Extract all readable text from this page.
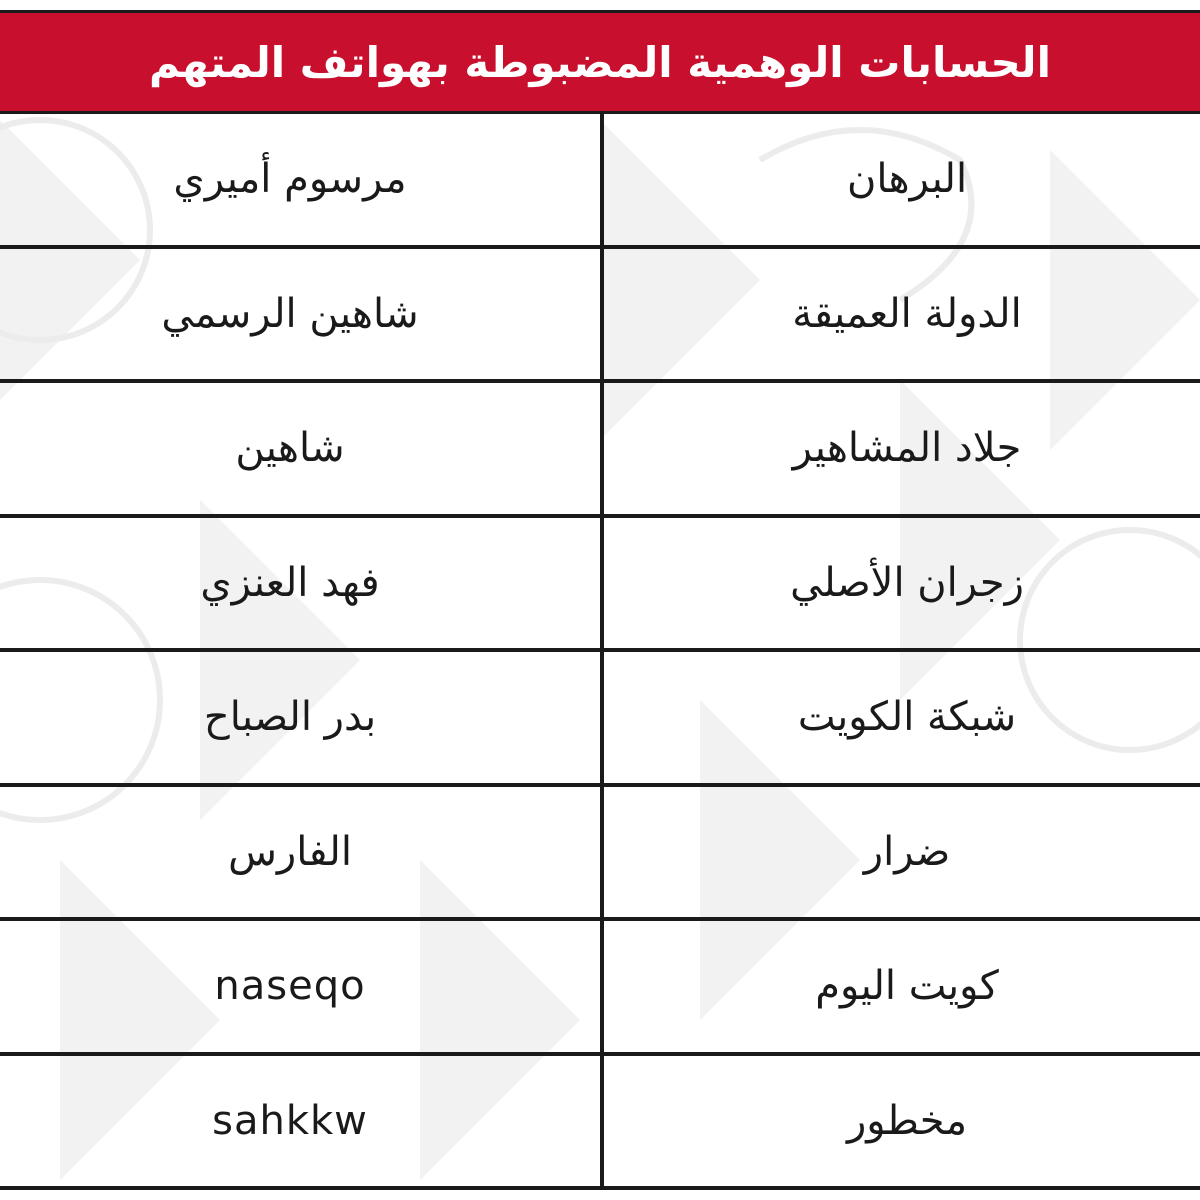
الحسابات الوهمية المضبوطة بهواتف المتهم
البرهان
مرسوم أميري
الدولة العميقة
شاهين الرسمي
جلاد المشاهير
شاهين
زجران الأصلي
فهد العنزي
شبكة الكويت
بدر الصباح
ضرار
الفارس
كويت اليوم
naseqo
مخطور
sahkkw
